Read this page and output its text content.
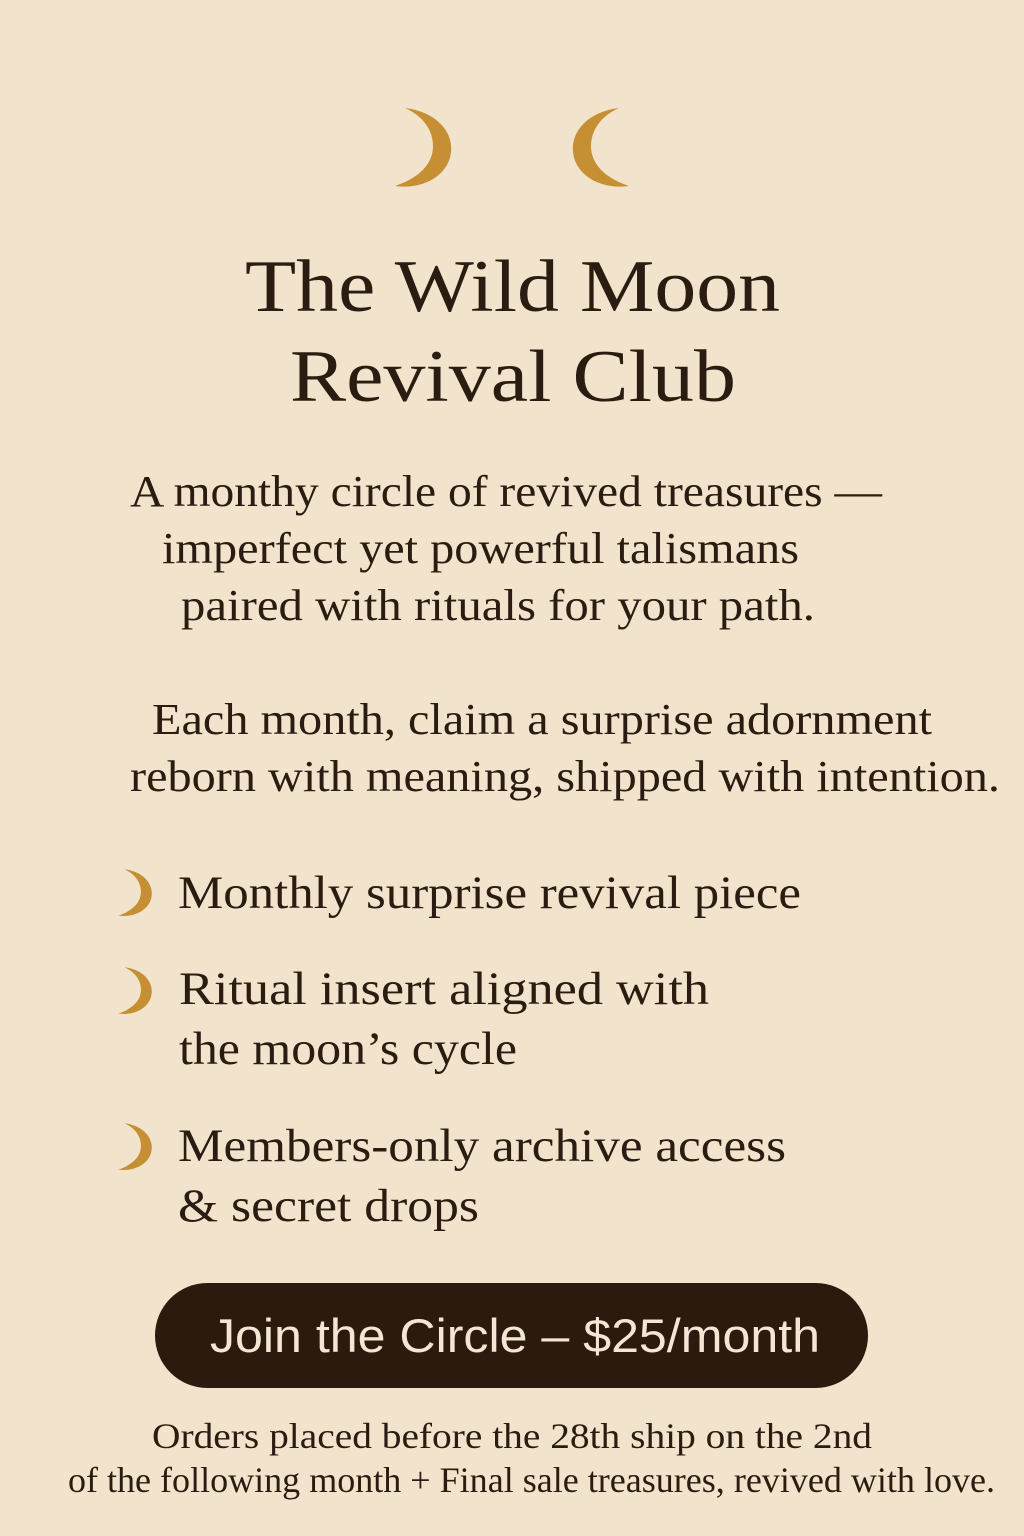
The Wild Moon
Revival Club
A monthy circle of revived treasures —
imperfect yet powerful talismans
paired with rituals for your path.
Each month, claim a surprise adornment
reborn with meaning, shipped with intention.
Monthly surprise revival piece
Ritual insert aligned with
the moon’s cycle
Members-only archive access
& secret drops
Join the Circle – $25/month
Orders placed before the 28th ship on the 2nd
of the following month + Final sale treasures, revived with love.
